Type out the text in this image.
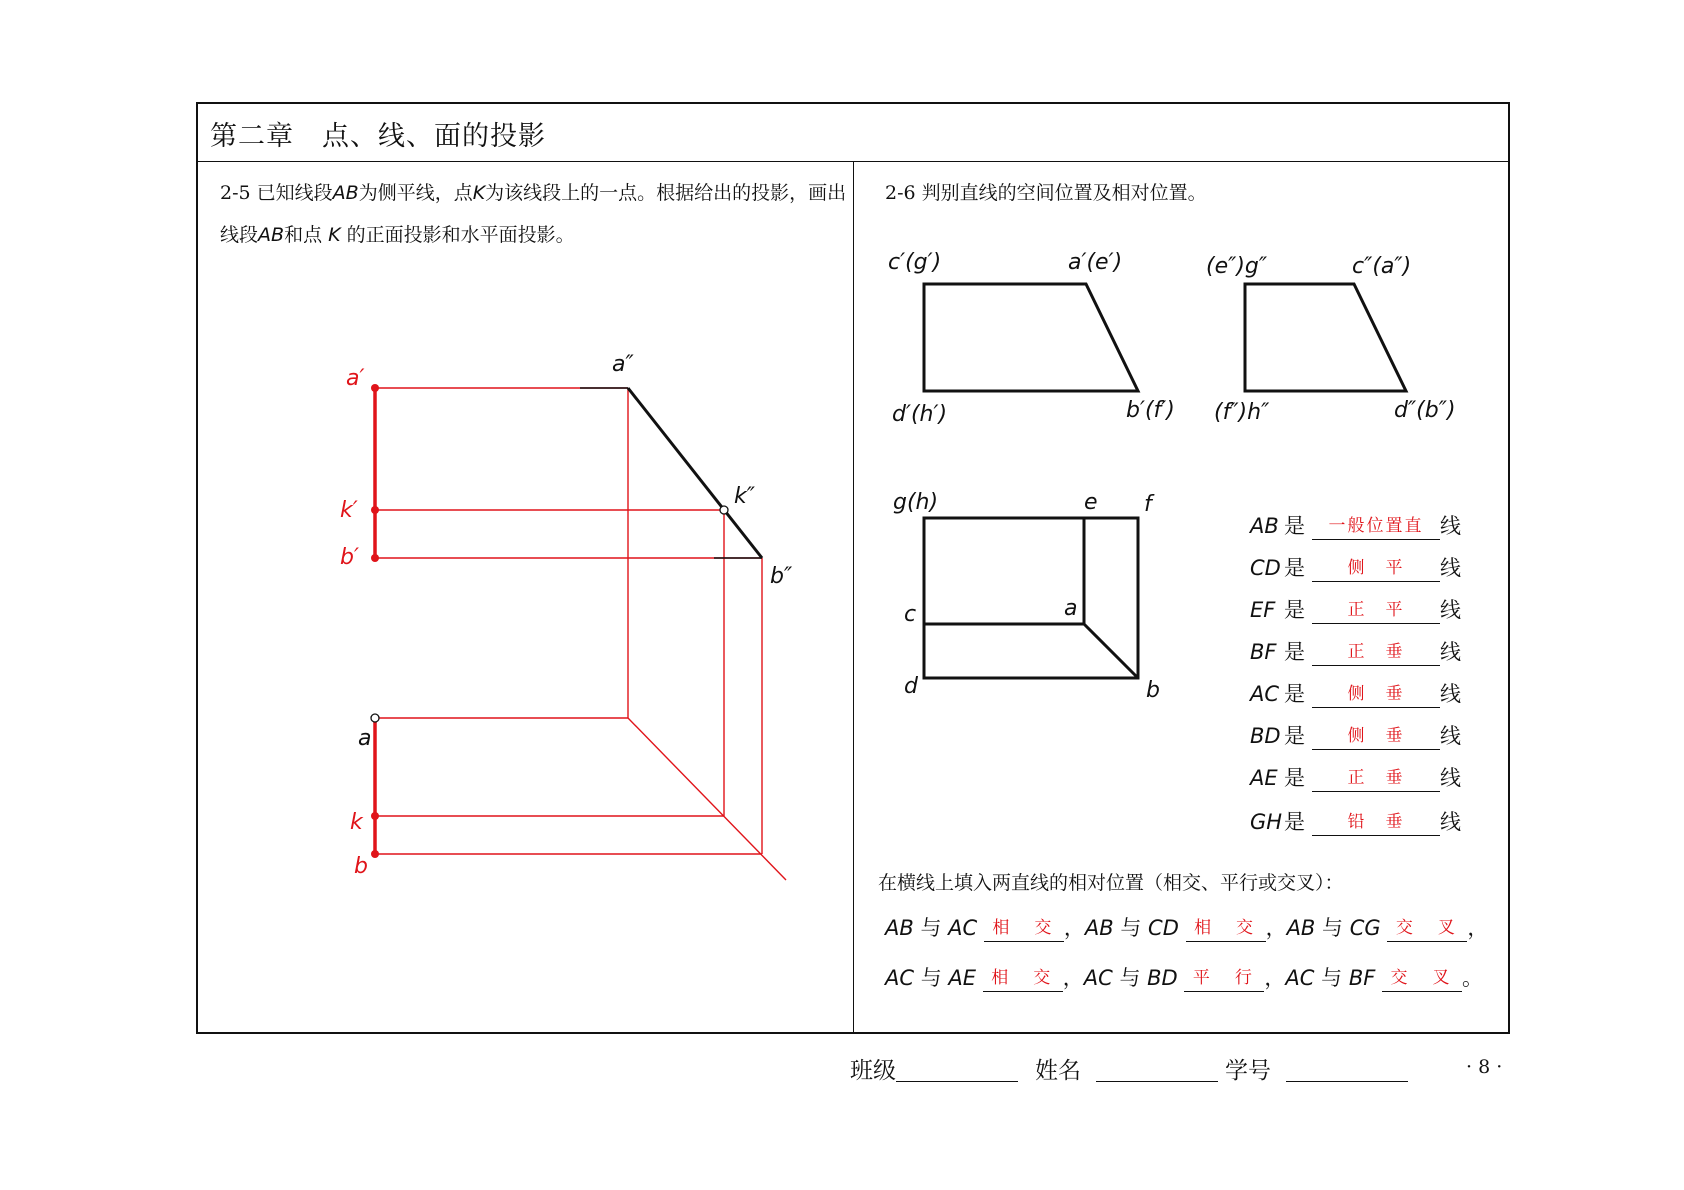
第二章　点、线、面的投影
2-5 已知线段AB为侧平线，点K为该线段上的一点。根据给出的投影，画出
线段AB和点 K 的正面投影和水平面投影。
a″
k″
b″
a′
k′
b′
a
k
b
2-6 判别直线的空间位置及相对位置。
c′(g′)	a′(e′)
d′(h′)	b′(f′)
(e″)g″	c″(a″)
(f″)h″	d″(b″)
g(h)	e f
c	a
d	b
AB 是 一般位置直 线
CD 是	侧　平 线
EF 是	正　平 线
BF 是	正　垂 线
AC 是	侧　垂 线
BD 是	侧　垂 线
AE 是	正　垂 线
GH是	铅　垂 线
在横线上填入两直线的相对位置（相交、平行或交叉）：
AB 与 AC 相　交 ，AB 与 CD 相　交 ，AB 与 CG 交　叉 ，
AC 与 AE 相　交 ，AC 与 BD 平　行 ，AC 与 BF 交　叉 。
班级	姓名	学号	· 8 ·
